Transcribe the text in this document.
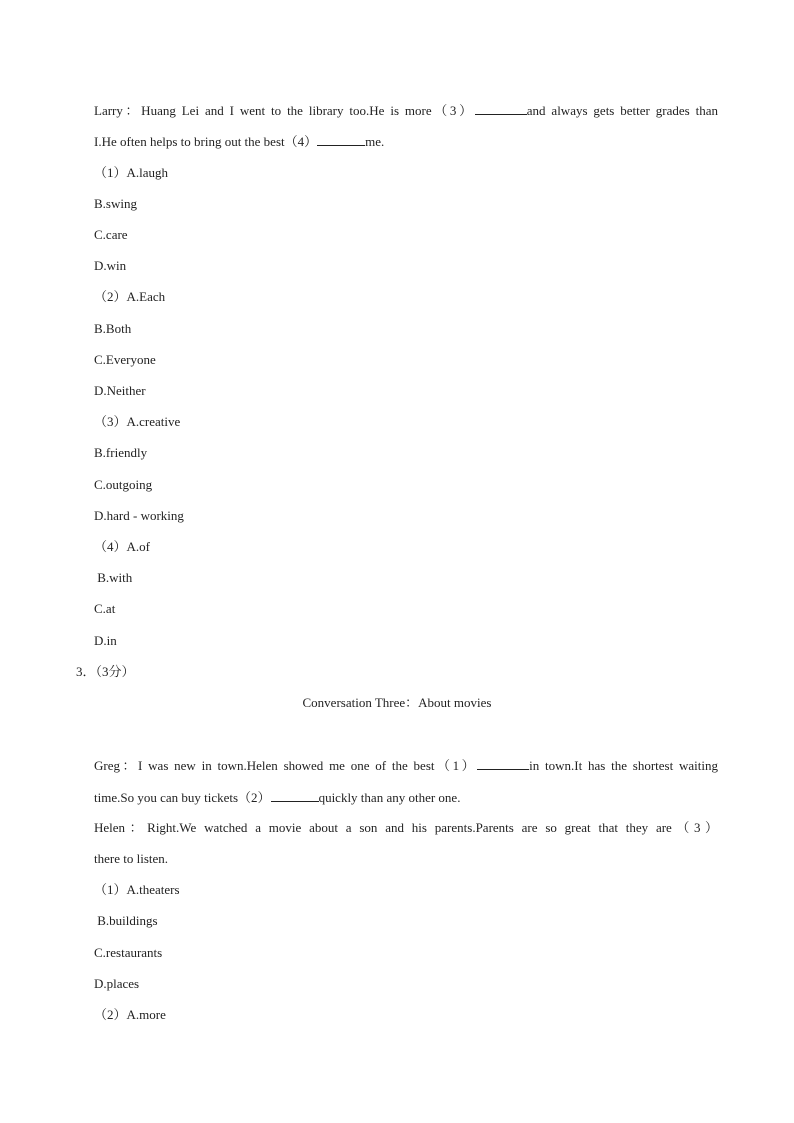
Larry：Huang Lei and I went to the library too.He is more（3）	and always gets better grades than
I.He often helps to bring out the best（4）	me.
（1）A.laugh
B.swing
C.care
D.win
（2）A.Each
B.Both
C.Everyone
D.Neither
（3）A.creative
B.friendly
C.outgoing
D.hard - working
（4）A.of
B.with
C.at
D.in
3．（3分）
Conversation Three：About movies
Greg：I was new in town.Helen showed me one of the best（1）	in town.It has the shortest waiting
time.So you can buy tickets（2）	quickly than any other one.
Helen：Right.We watched a movie about a son and his parents.Parents are so great that they are（3）
there to listen.
（1）A.theaters
B.buildings
C.restaurants
D.places
（2）A.more
